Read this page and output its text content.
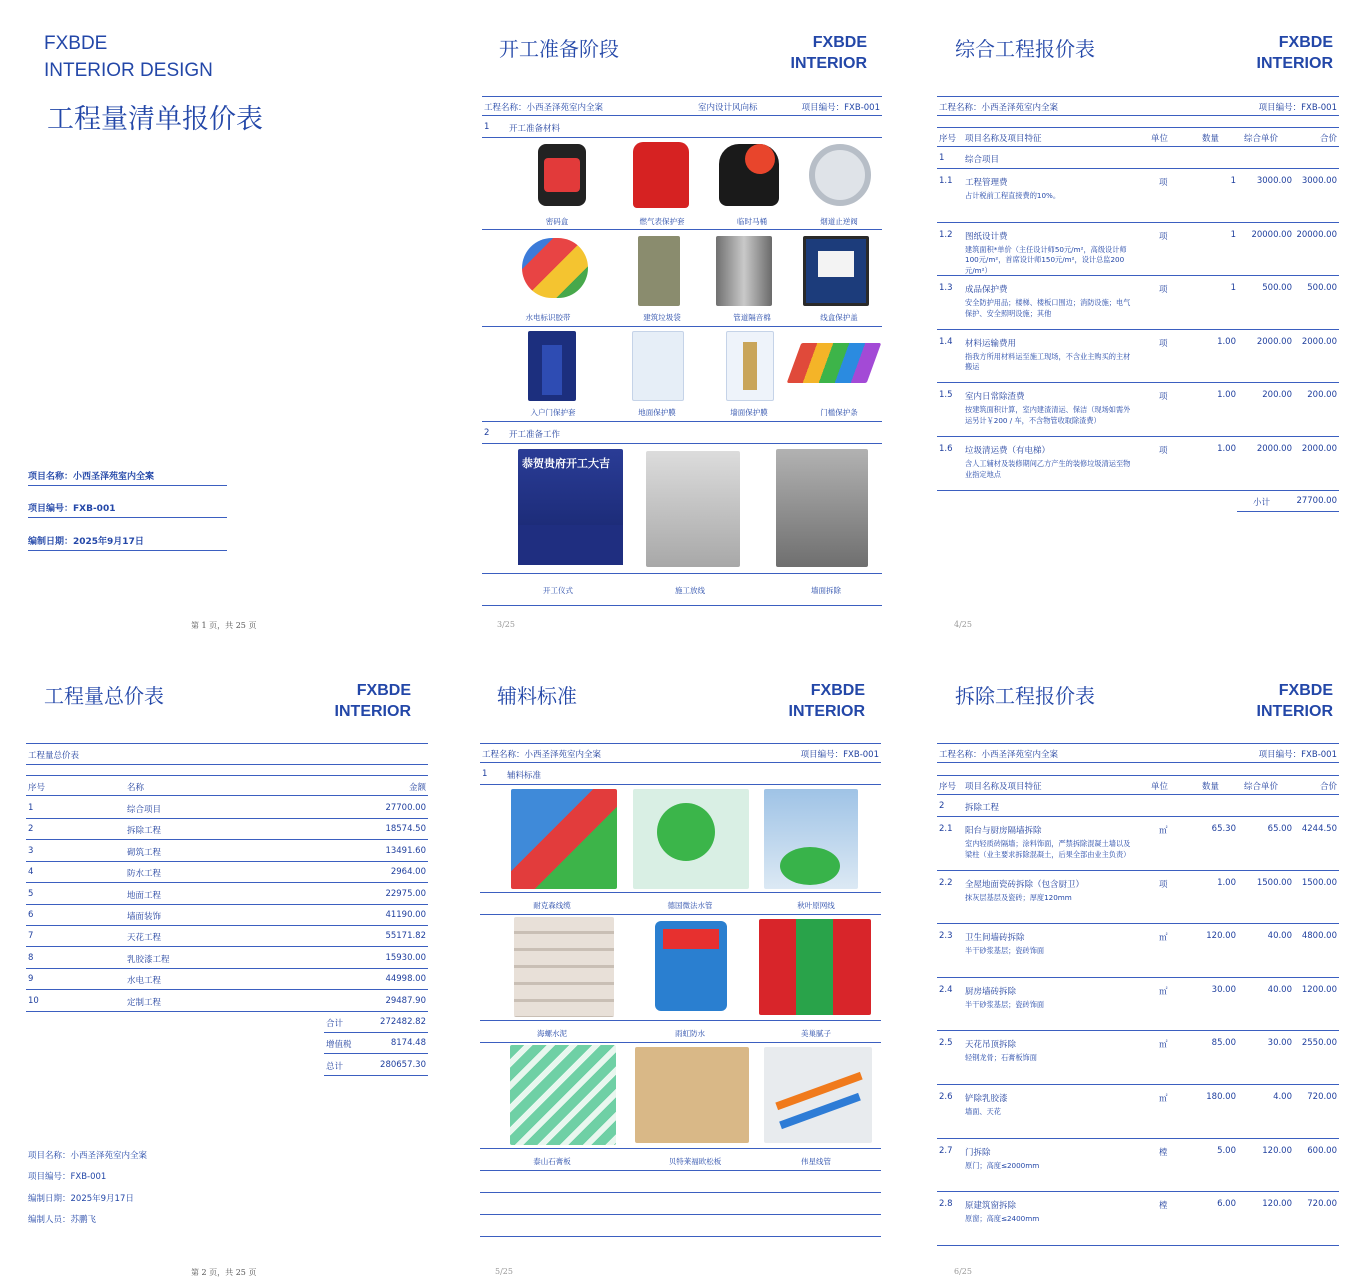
FXBDE
INTERIOR DESIGN
工程量清单报价表
项目名称：小西圣泽苑室内全案
项目编号：FXB-001
编制日期：2025年9月17日
第 1 页，共 25 页
开工准备阶段	FXBDE
INTERIOR
工程名称：小西圣泽苑室内全案	室内设计风向标	项目编号：FXB-001
1 开工准备材料
密码盒	燃气表保护套	临时马桶	烟道止逆阀
水电标识胶带	建筑垃圾袋	管道隔音棉	线盒保护盖
入户门保护套	地面保护膜	墙面保护膜	门槛保护条
2 开工准备工作
恭贺贵府开工大吉
开工仪式	施工放线	墙面拆除
3/25
综合工程报价表	FXBDE
INTERIOR
工程名称：小西圣泽苑室内全案	项目编号：FXB-001
序号 项目名称及项目特征	单位	数量	综合单价	合价
1 综合项目
1.1 工程管理费	项	1	3000.00 3000.00
占计税前工程直接费的10%。
1.2 图纸设计费	项	1	20000.00 20000.00
建筑面积*单价（主任设计师50元/m²，高级设计师100元/m²，首席设计师150元/m²，设计总监200元/m²）
1.3 成品保护费	项	1	500.00 500.00
安全防护用品；楼梯、楼板口围边；消防设施；电气保护、安全照明设施；其他
1.4 材料运输费用	项	1.00	2000.00 2000.00
指我方所用材料运至施工现场，不含业主购买的主材搬运
1.5 室内日常除渣费	项	1.00	200.00 200.00
按建筑面积计算，室内建渣清运、保洁（现场如需外运另计￥200 / 车，不含物管收取除渣费）
1.6 垃圾清运费（有电梯）	项	1.00	2000.00 2000.00
含人工辅材及装修期间乙方产生的装修垃圾清运至物业指定地点
小计	27700.00
4/25
工程量总价表	FXBDE
INTERIOR
工程量总价表
序号	名称	金额
1	综合项目	27700.00
2	拆除工程	18574.50
3	砌筑工程	13491.60
4	防水工程	2964.00
5	地面工程	22975.00
6	墙面装饰	41190.00
7	天花工程	55171.82
8	乳胶漆工程	15930.00
9	水电工程	44998.00
10	定制工程	29487.90
合计	272482.82
增值税	8174.48
总计	280657.30
项目名称：小西圣泽苑室内全案
项目编号：FXB-001
编制日期：2025年9月17日
编制人员：苏鹏飞
第 2 页，共 25 页
辅料标准	FXBDE
INTERIOR
工程名称：小西圣泽苑室内全案	项目编号：FXB-001
1 辅料标准
耐克森线缆	德国微法水管	秋叶原网线
海螺水泥	雨虹防水	美巢腻子
泰山石膏板	贝特莱福欧松板	伟星线管
5/25
拆除工程报价表	FXBDE
INTERIOR
工程名称：小西圣泽苑室内全案	项目编号：FXB-001
序号 项目名称及项目特征	单位	数量	综合单价	合价
2 拆除工程
2.1 阳台与厨房隔墙拆除	㎡	65.30	65.00 4244.50
室内轻质砖隔墙；涂料饰面，严禁拆除混凝土墙以及梁柱（业主要求拆除混凝土，后果全部由业主负责）
2.2 全屋地面瓷砖拆除（包含厨卫）	项	1.00	1500.00 1500.00
抹灰层基层及瓷砖；厚度120mm
2.3 卫生间墙砖拆除	㎡	120.00	40.00 4800.00
半干砂浆基层；瓷砖饰面
2.4 厨房墙砖拆除	㎡	30.00	40.00 1200.00
半干砂浆基层；瓷砖饰面
2.5 天花吊顶拆除	㎡	85.00	30.00 2550.00
轻钢龙骨；石膏板饰面
2.6 铲除乳胶漆	㎡	180.00	4.00 720.00
墙面、天花
2.7 门拆除	樘	5.00	120.00 600.00
原门；高度≤2000mm
2.8 原建筑窗拆除	樘	6.00	120.00 720.00
原窗；高度≤2400mm
6/25
